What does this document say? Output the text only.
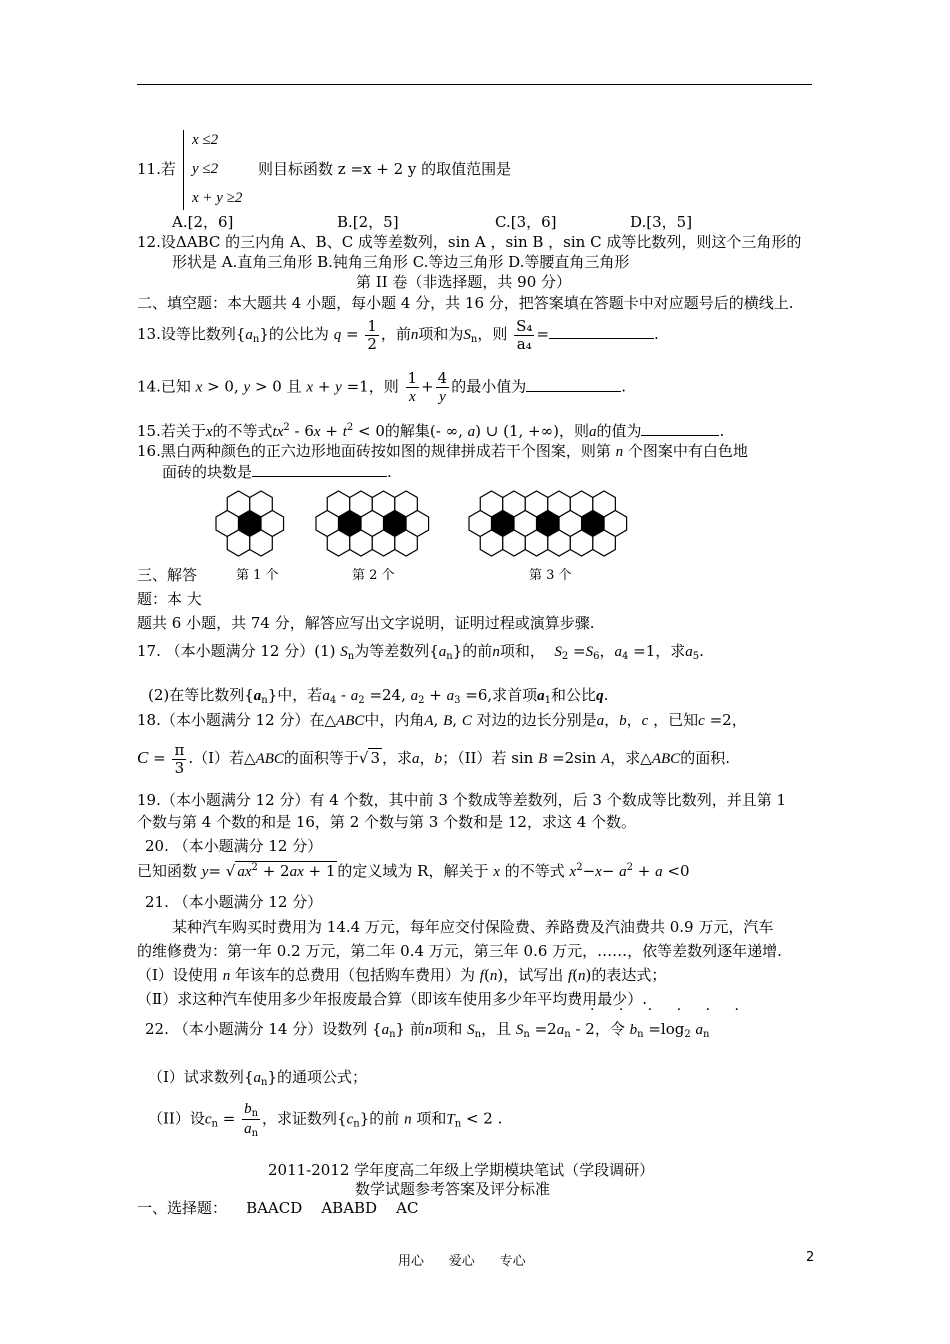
x ≤2
y ≤2
x + y ≥2
11.若	则目标函数 z =x + 2 y 的取值范围是
A.[2，6]	B.[2，5]	C.[3，6]	D.[3，5]
12.设ΔABC 的三内角 A、B、C 成等差数列，sin A ，sin B ，sin C 成等比数列，则这个三角形的
形状是 A.直角三角形 B.钝角三角形 C.等边三角形 D.等腰直角三角形
第 II 卷（非选择题，共 90 分）
二、填空题：本大题共 4 小题，每小题 4 分，共 16 分，把答案填在答题卡中对应题号后的横线上.
13.设等比数列$\{a_n\}$的公比为 $q = \frac{1}{2}$ ，前n项和为$S_n$，则 $\frac{\text{S₄}}{\text{a₄}}$ =	.
14.已知 x > 0, y > 0 且 x + y =1，则 $\frac{1}{x} + \frac{4}{y}$ 的最小值为	.
15.若关于x的不等式$tx^2 - 6x + t^2 < 0$的解集(- ∞, a) ∪ (1, +∞)，则a的值为	.
16.黑白两种颜色的正六边形地面砖按如图的规律拼成若干个图案，则第 n 个图案中有白色地
面砖的块数是	.
第 1 个	第 2 个	第 3 个
三、解答
题：本 大
题共 6 小题，共 74 分，解答应写出文字说明，证明过程或演算步骤.
17. （本小题满分 12 分）(1) $S_n$为等差数列$\{a_n\}$的前n项和， $S_2 =S_6$，$a_4 =1$，求$a_5$.
(2)在等比数列$\{a_n\}$中，若$a_4 - a_2 =24$, $a_2 + a_3 =6$,求首项$a_1$和公比q.
18.（本小题满分 12 分）在△ABC中，内角A, B, C 对边的边长分别是a，b，c ，已知c =2，
$C = \frac{\pi}{3} .(I)$若△ABC的面积等于√ 3 ，求a，b；（II）若 sin B =2sin A，求△ABC的面积.
19.（本小题满分 12 分）有 4 个数，其中前 3 个数成等差数列，后 3 个数成等比数列，并且第 1
个数与第 4 个数的和是 16，第 2 个数与第 3 个数和是 12，求这 4 个数。
20. （本小题满分 12 分）
已知函数 y= √ $ax^2 + 2ax + 1$ 的定义域为 R，解关于 x 的不等式 $x^2-x- a^2 + a <0$
21. （本小题满分 12 分）
某种汽车购买时费用为 14.4 万元，每年应交付保险费、养路费及汽油费共 0.9 万元，汽车
的维修费为：第一年 0.2 万元，第二年 0.4 万元，第三年 0.6 万元，……，依等差数列逐年递增.
（Ⅰ）设使用 n 年该车的总费用（包括购车费用）为 f(n)，试写出 f(n)的表达式；
（Ⅱ）求这种汽车使用多少年报废最合算（即该车使用多少年平均费用最少）.
· · · · · ·
22. （本小题满分 14 分）设数列 $\{a_n\}$ 前n项和 $S_n$，且 $S_n =2a_n - 2$，令 $b_n =\log_2$ $a_n$
（I）试求数列$\{a_n\}$的通项公式；
（II）设$c_n = \frac{b_n}{a_n}$ ，求证数列$\{c_n\}$的前 n 项和$T_n < 2$ .
2011-2012 学年度高二年级上学期模块笔试（学段调研）
数学试题参考答案及评分标准
一、选择题：    BAACD    ABABD    AC
用心      爱心      专心	2
